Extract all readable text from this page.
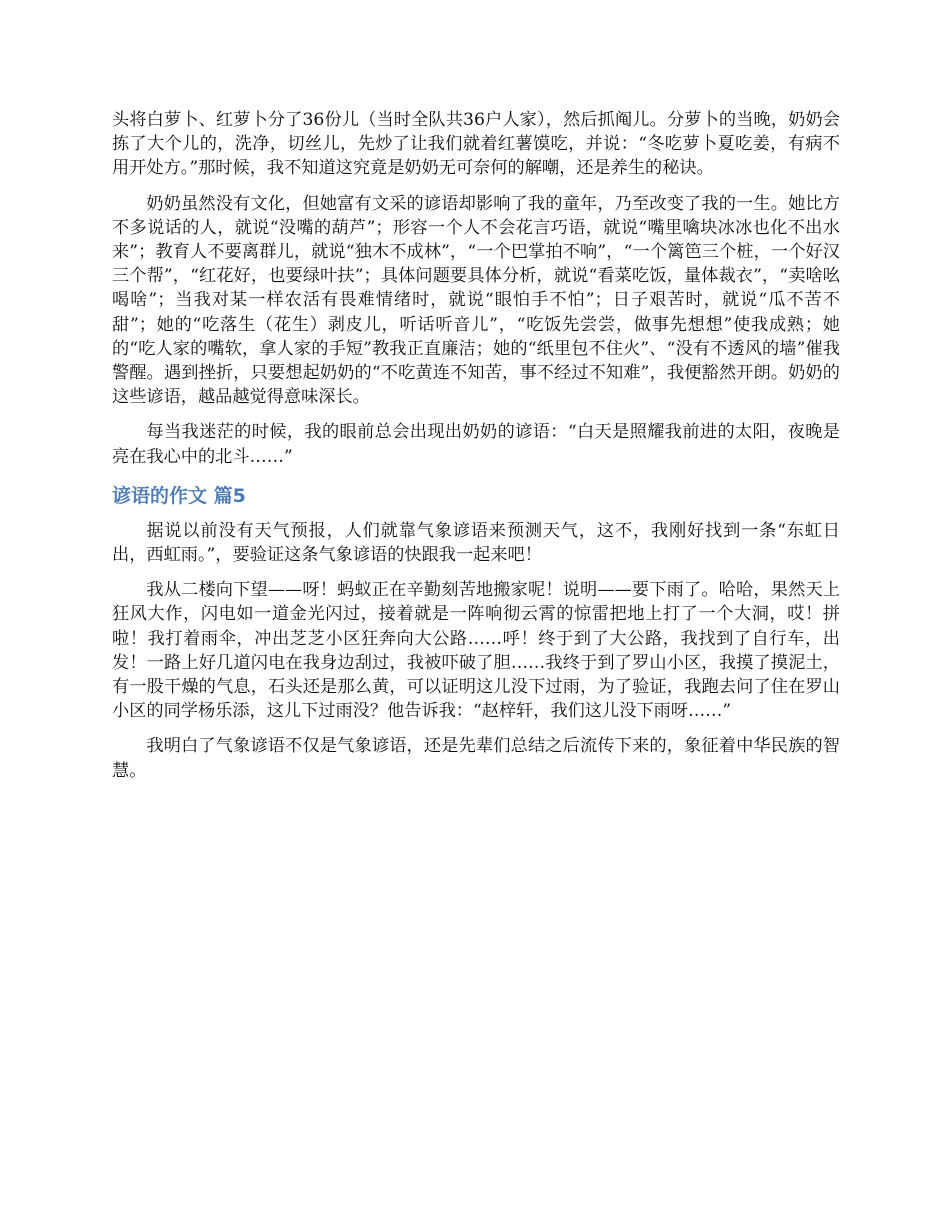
头将白萝卜、红萝卜分了36份儿（当时全队共36户人家），然后抓阄儿。分萝卜的当晚，奶奶会拣了大个儿的，洗净，切丝儿，先炒了让我们就着红薯馍吃，并说：“冬吃萝卜夏吃姜，有病不用开处方。”那时候，我不知道这究竟是奶奶无可奈何的解嘲，还是养生的秘诀。

奶奶虽然没有文化，但她富有文采的谚语却影响了我的童年，乃至改变了我的一生。她比方不多说话的人，就说“没嘴的葫芦”；形容一个人不会花言巧语，就说“嘴里噙块冰冰也化不出水来”；教育人不要离群儿，就说“独木不成林”，“一个巴掌拍不响”，“一个篱笆三个桩，一个好汉三个帮”，“红花好，也要绿叶扶”；具体问题要具体分析，就说“看菜吃饭，量体裁衣”，“卖啥吆喝啥”；当我对某一样农活有畏难情绪时，就说“眼怕手不怕”；日子艰苦时，就说“瓜不苦不甜”；她的“吃落生（花生）剥皮儿，听话听音儿”，“吃饭先尝尝，做事先想想”使我成熟；她的“吃人家的嘴软，拿人家的手短”教我正直廉洁；她的“纸里包不住火”、“没有不透风的墙”催我警醒。遇到挫折，只要想起奶奶的“不吃黄连不知苦，事不经过不知难”，我便豁然开朗。奶奶的这些谚语，越品越觉得意味深长。

每当我迷茫的时候，我的眼前总会出现出奶奶的谚语：“白天是照耀我前进的太阳，夜晚是亮在我心中的北斗……”

谚语的作文 篇5

据说以前没有天气预报，人们就靠气象谚语来预测天气，这不，我刚好找到一条“东虹日出，西虹雨。”，要验证这条气象谚语的快跟我一起来吧！

我从二楼向下望——呀！蚂蚁正在辛勤刻苦地搬家呢！说明——要下雨了。哈哈，果然天上狂风大作，闪电如一道金光闪过，接着就是一阵响彻云霄的惊雷把地上打了一个大洞，哎！拼啦！我打着雨伞，冲出芝芝小区狂奔向大公路……呼！终于到了大公路，我找到了自行车，出发！一路上好几道闪电在我身边刮过，我被吓破了胆……我终于到了罗山小区，我摸了摸泥土，有一股干燥的气息，石头还是那么黄，可以证明这儿没下过雨，为了验证，我跑去问了住在罗山小区的同学杨乐添，这儿下过雨没？他告诉我：“赵梓轩，我们这儿没下雨呀……”

我明白了气象谚语不仅是气象谚语，还是先辈们总结之后流传下来的，象征着中华民族的智慧。
